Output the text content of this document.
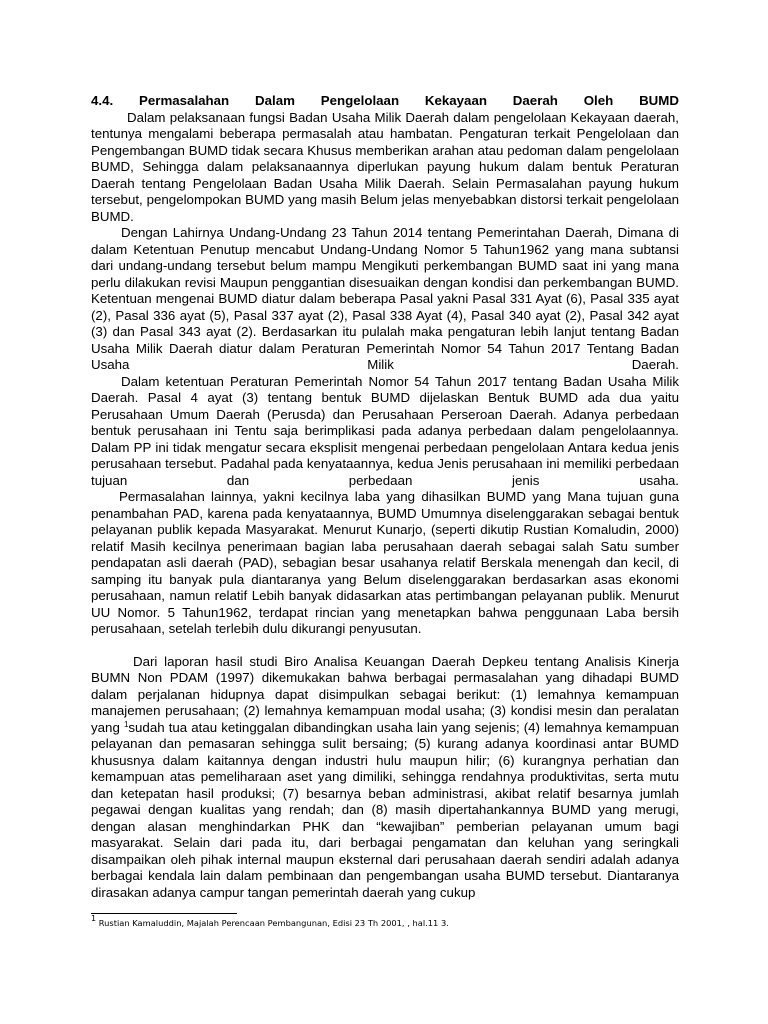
4.4. Permasalahan Dalam Pengelolaan Kekayaan Daerah Oleh BUMD

Dalam pelaksanaan fungsi Badan Usaha Milik Daerah dalam pengelolaan Kekayaan daerah, tentunya mengalami beberapa permasalah atau hambatan. Pengaturan terkait Pengelolaan dan Pengembangan BUMD tidak secara Khusus memberikan arahan atau pedoman dalam pengelolaan BUMD, Sehingga dalam pelaksanaannya diperlukan payung hukum dalam bentuk Peraturan Daerah tentang Pengelolaan Badan Usaha Milik Daerah. Selain Permasalahan payung hukum tersebut, pengelompokan BUMD yang masih Belum jelas menyebabkan distorsi terkait pengelolaan BUMD.

Dengan Lahirnya Undang-Undang 23 Tahun 2014 tentang Pemerintahan Daerah, Dimana di dalam Ketentuan Penutup mencabut Undang-Undang Nomor 5 Tahun1962 yang mana subtansi dari undang-undang tersebut belum mampu Mengikuti perkembangan BUMD saat ini yang mana perlu dilakukan revisi Maupun penggantian disesuaikan dengan kondisi dan perkembangan BUMD. Ketentuan mengenai BUMD diatur dalam beberapa Pasal yakni Pasal 331 Ayat (6), Pasal 335 ayat (2), Pasal 336 ayat (5), Pasal 337 ayat (2), Pasal 338 Ayat (4), Pasal 340 ayat (2), Pasal 342 ayat (3) dan Pasal 343 ayat (2). Berdasarkan itu pulalah maka pengaturan lebih lanjut tentang Badan Usaha Milik Daerah diatur dalam Peraturan Pemerintah Nomor 54 Tahun 2017 Tentang Badan Usaha Milik Daerah.

Dalam ketentuan Peraturan Pemerintah Nomor 54 Tahun 2017 tentang Badan Usaha Milik Daerah. Pasal 4 ayat (3) tentang bentuk BUMD dijelaskan Bentuk BUMD ada dua yaitu Perusahaan Umum Daerah (Perusda) dan Perusahaan Perseroan Daerah. Adanya perbedaan bentuk perusahaan ini Tentu saja berimplikasi pada adanya perbedaan dalam pengelolaannya. Dalam PP ini tidak mengatur secara eksplisit mengenai perbedaan pengelolaan Antara kedua jenis perusahaan tersebut. Padahal pada kenyataannya, kedua Jenis perusahaan ini memiliki perbedaan tujuan dan perbedaan jenis usaha.

Permasalahan lainnya, yakni kecilnya laba yang dihasilkan BUMD yang Mana tujuan guna penambahan PAD, karena pada kenyataannya, BUMD Umumnya diselenggarakan sebagai bentuk pelayanan publik kepada Masyarakat. Menurut Kunarjo, (seperti dikutip Rustian Komaludin, 2000) relatif Masih kecilnya penerimaan bagian laba perusahaan daerah sebagai salah Satu sumber pendapatan asli daerah (PAD), sebagian besar usahanya relatif Berskala menengah dan kecil, di samping itu banyak pula diantaranya yang Belum diselenggarakan berdasarkan asas ekonomi perusahaan, namun relatif Lebih banyak didasarkan atas pertimbangan pelayanan publik. Menurut UU Nomor. 5 Tahun1962, terdapat rincian yang menetapkan bahwa penggunaan Laba bersih perusahaan, setelah terlebih dulu dikurangi penyusutan.

Dari laporan hasil studi Biro Analisa Keuangan Daerah Depkeu tentang Analisis Kinerja BUMN Non PDAM (1997) dikemukakan bahwa berbagai permasalahan yang dihadapi BUMD dalam perjalanan hidupnya dapat disimpulkan sebagai berikut: (1) lemahnya kemampuan manajemen perusahaan; (2) lemahnya kemampuan modal usaha; (3) kondisi mesin dan peralatan yang $^1$sudah tua atau ketinggalan dibandingkan usaha lain yang sejenis; (4) lemahnya kemampuan pelayanan dan pemasaran sehingga sulit bersaing; (5) kurang adanya koordinasi antar BUMD khususnya dalam kaitannya dengan industri hulu maupun hilir; (6) kurangnya perhatian dan kemampuan atas pemeliharaan aset yang dimiliki, sehingga rendahnya produktivitas, serta mutu dan ketepatan hasil produksi; (7) besarnya beban administrasi, akibat relatif besarnya jumlah pegawai dengan kualitas yang rendah; dan (8) masih dipertahankannya BUMD yang merugi, dengan alasan menghindarkan PHK dan “kewajiban” pemberian pelayanan umum bagi masyarakat. Selain dari pada itu, dari berbagai pengamatan dan keluhan yang seringkali disampaikan oleh pihak internal maupun eksternal dari perusahaan daerah sendiri adalah adanya berbagai kendala lain dalam pembinaan dan pengembangan usaha BUMD tersebut. Diantaranya dirasakan adanya campur tangan pemerintah daerah yang cukup

$^1$ Rustian Kamaluddin, Majalah Perencaan Pembangunan, Edisi 23 Th 2001, , hal.11 3.
